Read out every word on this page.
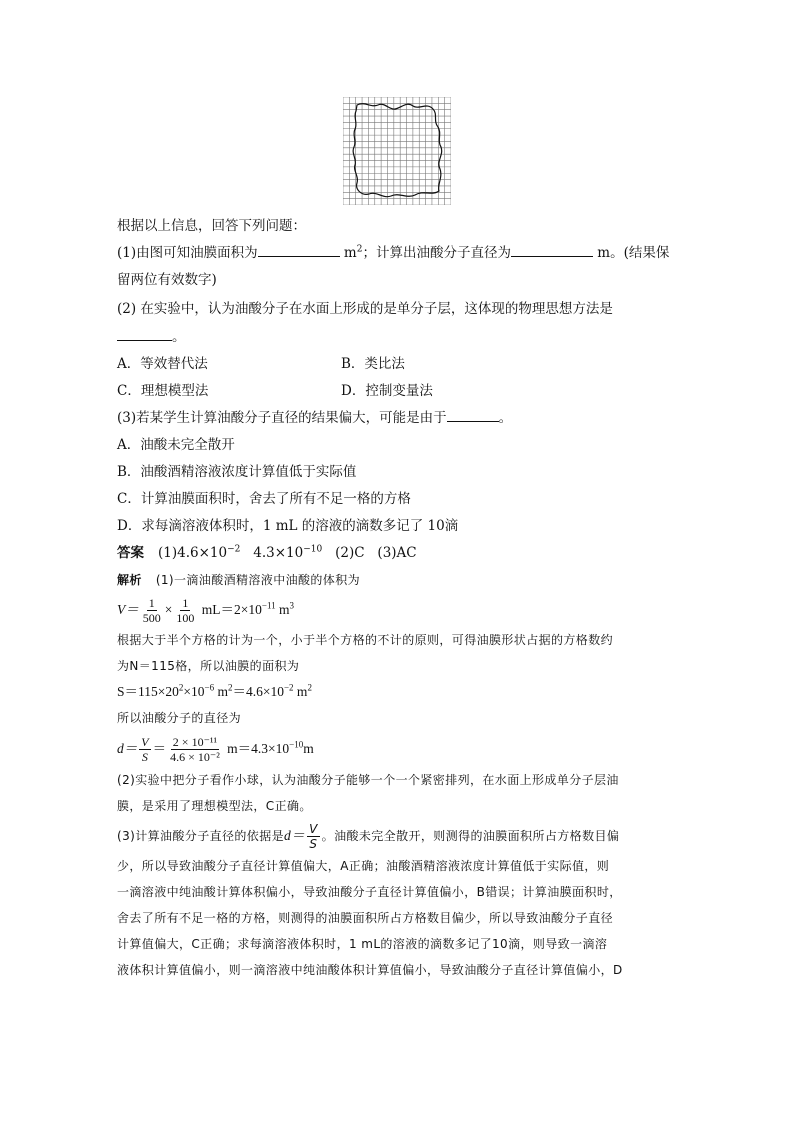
根据以上信息，回答下列问题：
(1)由图可知油膜面积为	$m^2$；计算出油酸分子直径为	m。(结果保
留两位有效数字)
(2) 在实验中，认为油酸分子在水面上形成的是单分子层，这体现的物理思想方法是
。
A．等效替代法	B．类比法
C．理想模型法	D．控制变量法
(3)若某学生计算油酸分子直径的结果偏大，可能是由于	。
A．油酸未完全散开
B．油酸酒精溶液浓度计算值低于实际值
C．计算油膜面积时，舍去了所有不足一格的方格
D．求每滴溶液体积时，1 mL 的溶液的滴数多记了 10滴
答案 $(1)4.6\times 10^{-2}$ $4.3\times 10^{-10}$ (2)C (3)AC
解析 (1)一滴油酸酒精溶液中油酸的体积为
$V= \frac{1}{500} \times \frac{1}{100} mL=2\times 10^{-11}$ $m^3$
根据大于半个方格的计为一个，小于半个方格的不计的原则，可得油膜形状占据的方格数约
为N＝115格，所以油膜的面积为
$S=115\times 20^2\times 10^{-6}$ $m^2=4.6\times 10^{-2}$ $m^2$
所以油酸分子的直径为
$d= \frac{V}{S} = \frac{\text{2 × 10⁻¹¹}}{\text{4.6 × 10⁻²}} m=4.3\times 10^{-10}m$
(2)实验中把分子看作小球，认为油酸分子能够一个一个紧密排列，在水面上形成单分子层油
膜，是采用了理想模型法，C正确。
(3)计算油酸分子直径的依据是$d= \frac{V}{S}$ 。油酸未完全散开，则测得的油膜面积所占方格数目偏
少，所以导致油酸分子直径计算值偏大，A正确；油酸酒精溶液浓度计算值低于实际值，则
一滴溶液中纯油酸计算体积偏小，导致油酸分子直径计算值偏小，B错误；计算油膜面积时，
舍去了所有不足一格的方格，则测得的油膜面积所占方格数目偏少，所以导致油酸分子直径
计算值偏大，C正确；求每滴溶液体积时，1 mL的溶液的滴数多记了10滴，则导致一滴溶
液体积计算值偏小，则一滴溶液中纯油酸体积计算值偏小，导致油酸分子直径计算值偏小，D
